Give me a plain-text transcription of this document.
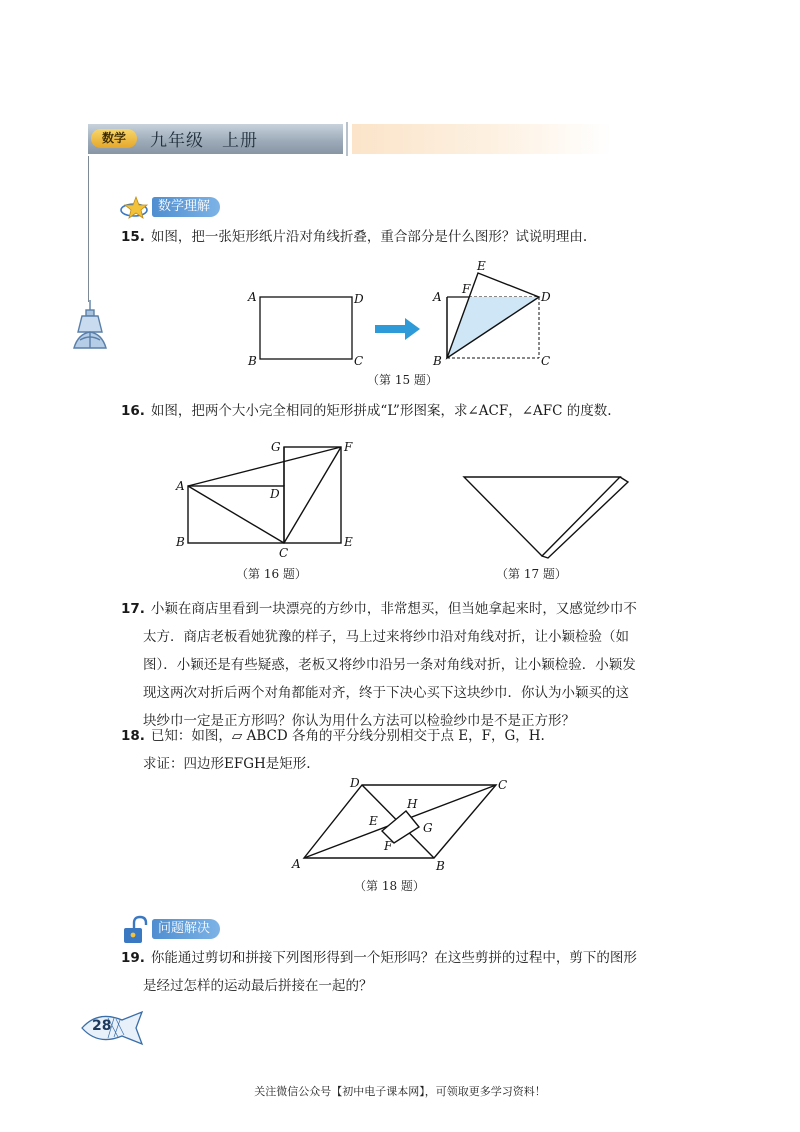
数学	九年级　上册
数学理解
15. 如图，把一张矩形纸片沿对角线折叠，重合部分是什么图形？试说明理由.
A	D
B	C
A
E
F
D
B	C
（第 15 题）
16. 如图，把两个大小完全相同的矩形拼成“L”形图案，求∠ACF，∠AFC 的度数.
A
B
C
D
E
F
G
（第 16 题）	（第 17 题）
17. 小颖在商店里看到一块漂亮的方纱巾，非常想买，但当她拿起来时，又感觉纱巾不
太方．商店老板看她犹豫的样子，马上过来将纱巾沿对角线对折，让小颖检验（如
图）．小颖还是有些疑惑，老板又将纱巾沿另一条对角线对折，让小颖检验．小颖发
现这两次对折后两个对角都能对齐，终于下决心买下这块纱巾．你认为小颖买的这
块纱巾一定是正方形吗？你认为用什么方法可以检验纱巾是不是正方形？
18. 已知：如图，▱ ABCD 各角的平分线分别相交于点 E，F，G，H.
求证：四边形EFGH是矩形.
A	B
C
D
E
F
G
H
（第 18 题）
问题解决
19. 你能通过剪切和拼接下列图形得到一个矩形吗？在这些剪拼的过程中，剪下的图形
是经过怎样的运动最后拼接在一起的？
28
关注微信公众号【初中电子课本网】，可领取更多学习资料！
